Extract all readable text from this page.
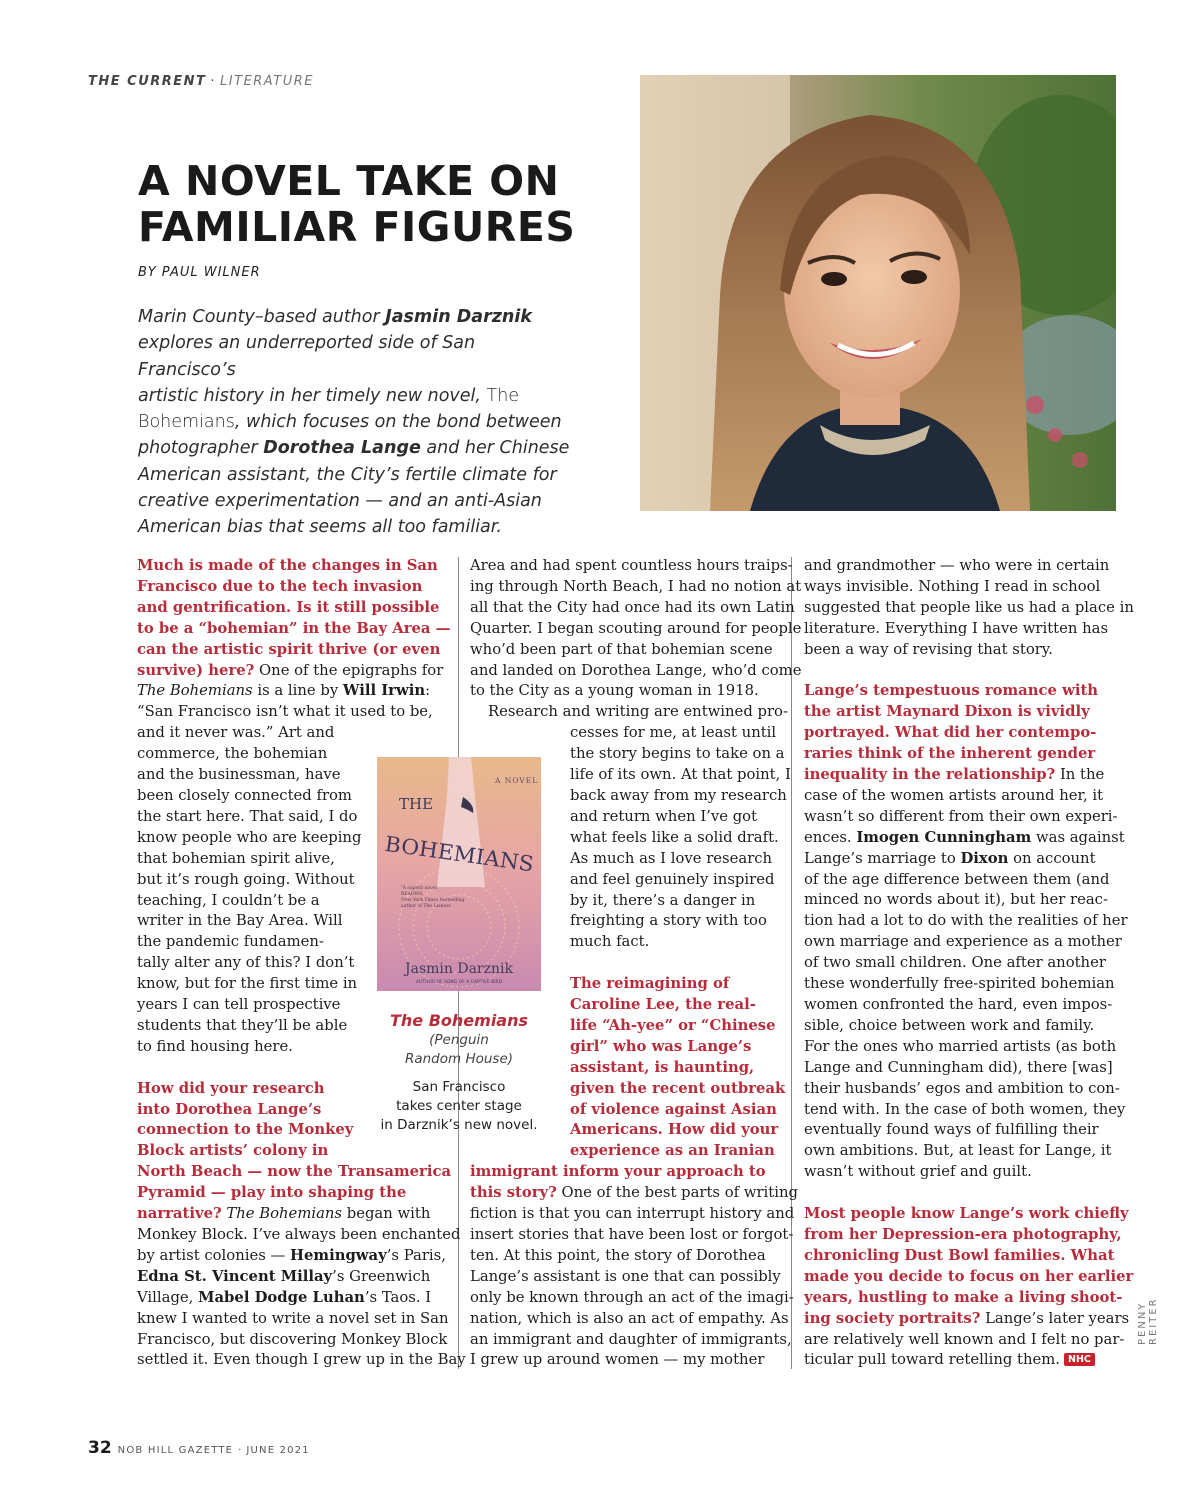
THE CURRENT · LITERATURE
A NOVEL TAKE ON
FAMILIAR FIGURES
BY PAUL WILNER
Marin County–based author Jasmin Darznik
explores an underreported side of San Francisco’s
artistic history in her timely new novel, The
Bohemians, which focuses on the bond between
photographer Dorothea Lange and her Chinese
American assistant, the City’s fertile climate for
creative experimentation — and an anti-Asian
American bias that seems all too familiar.
Much is made of the changes in San
Francisco due to the tech invasion
and gentrification. Is it still possible
to be a “bohemian” in the Bay Area —
can the artistic spirit thrive (or even
survive) here? One of the epigraphs for
The Bohemians is a line by Will Irwin:
“San Francisco isn’t what it used to be,
and it never was.” Art and
commerce, the bohemian
and the businessman, have
been closely connected from
the start here. That said, I do
know people who are keeping
that bohemian spirit alive,
but it’s rough going. Without
teaching, I couldn’t be a
writer in the Bay Area. Will
the pandemic fundamen-
tally alter any of this? I don’t
know, but for the first time in
years I can tell prospective
students that they’ll be able
to find housing here.
How did your research
into Dorothea Lange’s
connection to the Monkey
Block artists’ colony in
North Beach — now the Transamerica
Pyramid — play into shaping the
narrative? The Bohemians began with
Monkey Block. I’ve always been enchanted
by artist colonies — Hemingway’s Paris,
Edna St. Vincent Millay’s Greenwich
Village, Mabel Dodge Luhan’s Taos. I
knew I wanted to write a novel set in San
Francisco, but discovering Monkey Block
settled it. Even though I grew up in the Bay
Area and had spent countless hours traips-
ing through North Beach, I had no notion at
all that the City had once had its own Latin
Quarter. I began scouting around for people
who’d been part of that bohemian scene
and landed on Dorothea Lange, who’d come
to the City as a young woman in 1918.
Research and writing are entwined pro-
cesses for me, at least until
the story begins to take on a
life of its own. At that point, I
back away from my research
and return when I’ve got
what feels like a solid draft.
As much as I love research
and feel genuinely inspired
by it, there’s a danger in
freighting a story with too
much fact.
The reimagining of
Caroline Lee, the real-
life “Ah-yee” or “Chinese
girl” who was Lange’s
assistant, is haunting,
given the recent outbreak
of violence against Asian
Americans. How did your
experience as an Iranian
immigrant inform your approach to
this story? One of the best parts of writing
fiction is that you can interrupt history and
insert stories that have been lost or forgot-
ten. At this point, the story of Dorothea
Lange’s assistant is one that can possibly
only be known through an act of the imagi-
nation, which is also an act of empathy. As
an immigrant and daughter of immigrants,
I grew up around women — my mother
and grandmother — who were in certain
ways invisible. Nothing I read in school
suggested that people like us had a place in
literature. Everything I have written has
been a way of revising that story.
Lange’s tempestuous romance with
the artist Maynard Dixon is vividly
portrayed. What did her contempo-
raries think of the inherent gender
inequality in the relationship? In the
case of the women artists around her, it
wasn’t so different from their own experi-
ences. Imogen Cunningham was against
Lange’s marriage to Dixon on account
of the age difference between them (and
minced no words about it), but her reac-
tion had a lot to do with the realities of her
own marriage and experience as a mother
of two small children. One after another
these wonderfully free-spirited bohemian
women confronted the hard, even impos-
sible, choice between work and family.
For the ones who married artists (as both
Lange and Cunningham did), there [was]
their husbands’ egos and ambition to con-
tend with. In the case of both women, they
eventually found ways of fulfilling their
own ambitions. But, at least for Lange, it
wasn’t without grief and guilt.
Most people know Lange’s work chiefly
from her Depression-era photography,
chronicling Dust Bowl families. What
made you decide to focus on her earlier
years, hustling to make a living shoot-
ing society portraits? Lange’s later years
are relatively well known and I felt no par-
ticular pull toward retelling them. NHC
A NOVEL
THE
BOHEMIANS
“A superb novel,
READWS,
New York Times bestselling
author of The Lioness
Jasmin Darznik
AUTHOR OF SONG OF A CAPTIVE BIRD
The Bohemians
(Penguin
Random House)
San Francisco
takes center stage
in Darznik’s new novel.
PENNY REITER
32 NOB HILL GAZETTE · JUNE 2021
